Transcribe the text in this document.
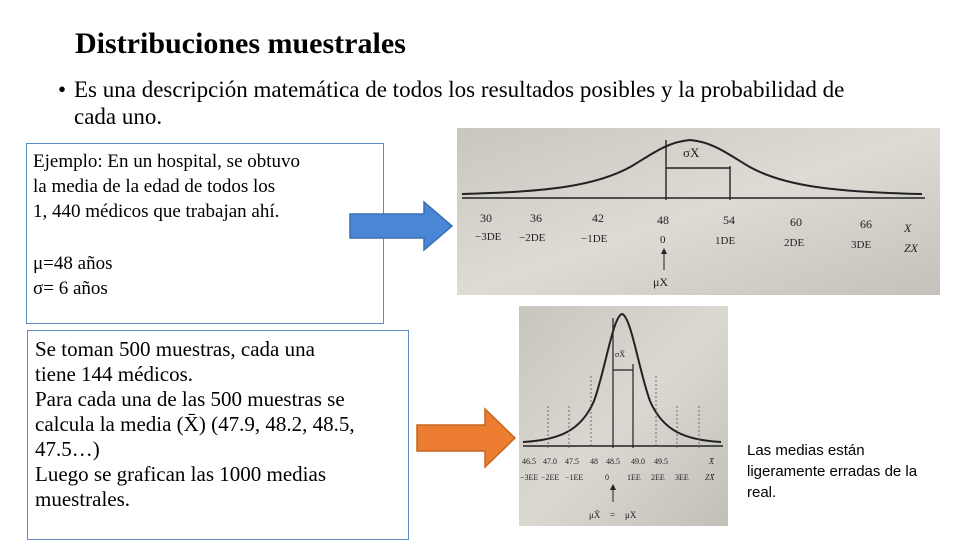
Distribuciones muestrales
• Es una descripción matemática de todos los resultados posibles y la probabilidad de cada uno.
Ejemplo: En un hospital, se obtuvo
la media de la edad de todos los
1, 440 médicos que trabajan ahí.
μ=48 años
σ= 6 años
Se toman 500 muestras, cada una
tiene 144 médicos.
Para cada una de las 500 muestras se
calcula la media (X̄) (47.9, 48.2, 48.5,
47.5…)
Luego se grafican las 1000 medias
muestrales.
σX
30	36	42	48	54	60	66	X
−3DE −2DE	−1DE	0	1DE	2DE	3DE	ZX
μX
σX̄
46.5 47.0 47.5 48 48.5 49.0 49.5	X̄
−3EE −2EE −1EE	0 1EE 2EE 3EE ZX̄
μX̄ = μX
Las medias están ligeramente erradas de la real.
